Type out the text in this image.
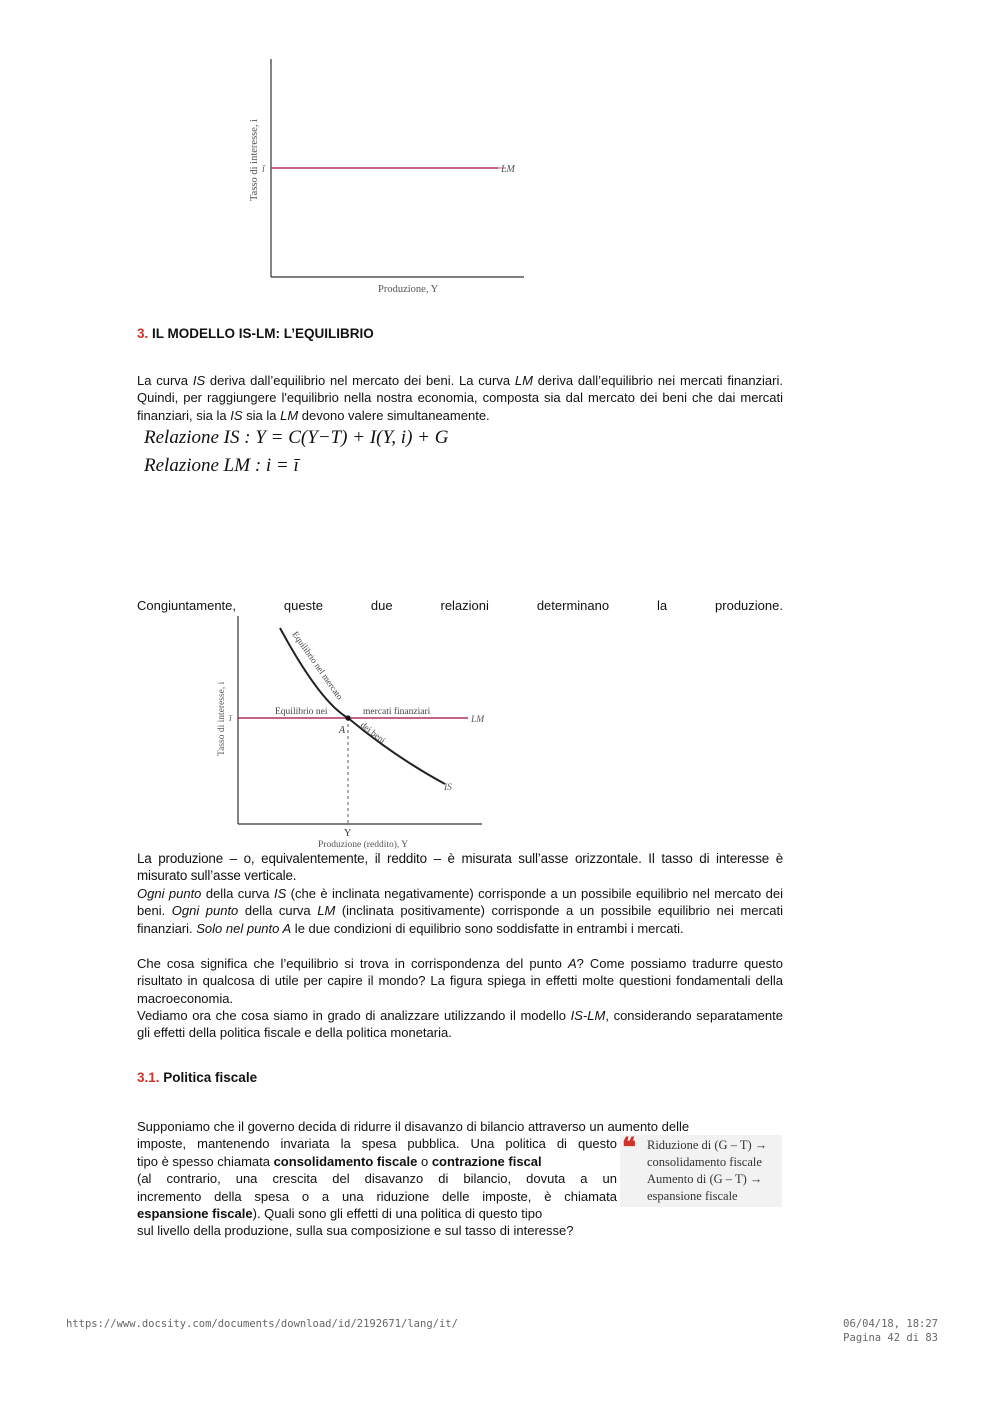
LM
ī
Tasso di interesse, i
Produzione, Y
3. IL MODELLO IS-LM: L’EQUILIBRIO
La curva IS deriva dall’equilibrio nel mercato dei beni. La curva LM deriva dall’equilibrio nei mercati finanziari. Quindi, per raggiungere l'equilibrio nella nostra economia, composta sia dal mercato dei beni che dai mercati finanziari, sia la IS sia la LM devono valere simultaneamente.
Relazione IS : Y = C(Y−T) + I(Y, i) + G
Relazione LM : i = ī
Congiuntamente,	queste	due	relazioni	determinano	la	produzione.
A
LM
IS
Equilibrio nei	mercati finanziari
Equilibrio nel mercato
dei beni
ī
Y
Tasso di interesse, i
Produzione (reddito), Y
La produzione – o, equivalentemente, il reddito – è misurata sull’asse orizzontale. Il tasso di interesse è misurato sull’asse verticale.
Ogni punto della curva IS (che è inclinata negativamente) corrisponde a un possibile equilibrio nel mercato dei beni. Ogni punto della curva LM (inclinata positivamente) corrisponde a un possibile equilibrio nei mercati finanziari. Solo nel punto A le due condizioni di equilibrio sono soddisfatte in entrambi i mercati.
Che cosa significa che l’equilibrio si trova in corrispondenza del punto A? Come possiamo tradurre questo risultato in qualcosa di utile per capire il mondo? La figura spiega in effetti molte questioni fondamentali della macroeconomia.
Vediamo ora che cosa siamo in grado di analizzare utilizzando il modello IS-LM, considerando separatamente gli effetti della politica fiscale e della politica monetaria.
3.1. Politica fiscale
Supponiamo che il governo decida di ridurre il disavanzo di bilancio attraverso un aumento delle
imposte, mantenendo invariata la spesa pubblica. Una politica di questo
tipo è spesso chiamata consolidamento fiscale o contrazione fiscal
(al contrario, una crescita del disavanzo di bilancio, dovuta a un
incremento della spesa o a una riduzione delle imposte, è chiamata
espansione fiscale). Quali sono gli effetti di una politica di questo tipo
sul livello della produzione, sulla sua composizione e sul tasso di interesse?
❝ Riduzione di (G – T) →
consolidamento fiscale
Aumento di (G – T) →
espansione fiscale
https://www.docsity.com/documents/download/id/2192671/lang/it/	06/04/18, 18:27
Pagina 42 di 83
